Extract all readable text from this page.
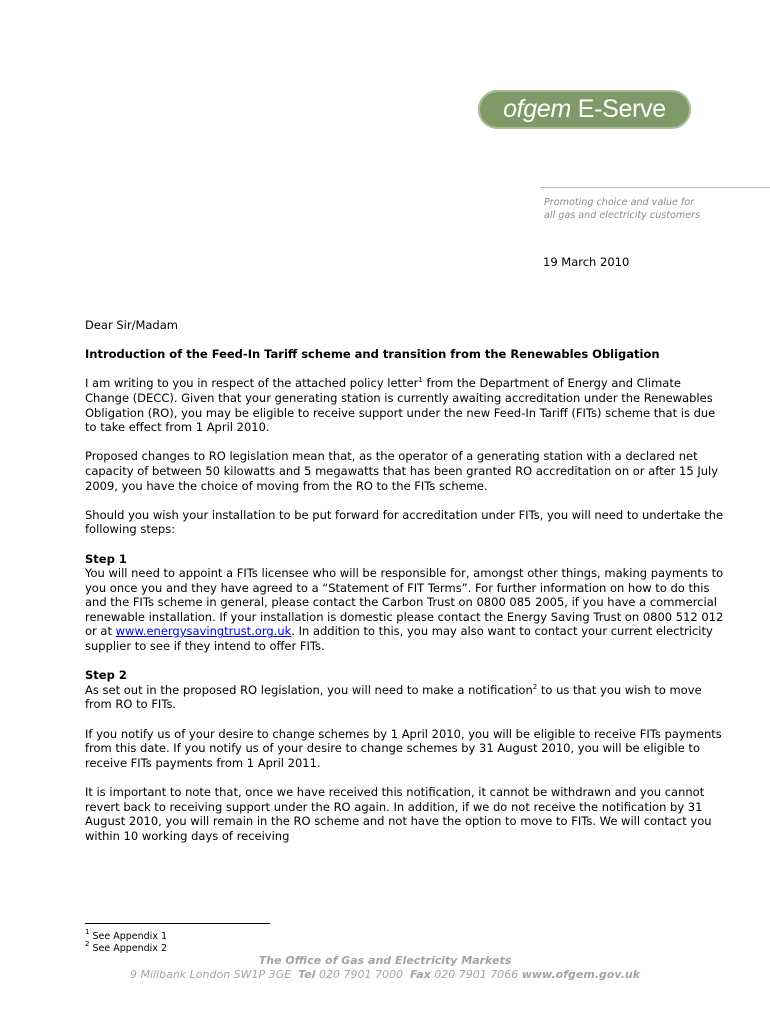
ofgem E-Serve
Promoting choice and value for
all gas and electricity customers
19 March 2010

Dear Sir/Madam

Introduction of the Feed-In Tariff scheme and transition from the Renewables Obligation

I am writing to you in respect of the attached policy letter$^1$ from the Department of Energy and Climate Change (DECC). Given that your generating station is currently awaiting accreditation under the Renewables Obligation (RO), you may be eligible to receive support under the new Feed-In Tariff (FITs) scheme that is due to take effect from 1 April 2010.

Proposed changes to RO legislation mean that, as the operator of a generating station with a declared net capacity of between 50 kilowatts and 5 megawatts that has been granted RO accreditation on or after 15 July 2009, you have the choice of moving from the RO to the FITs scheme.

Should you wish your installation to be put forward for accreditation under FITs, you will need to undertake the following steps:

Step 1

You will need to appoint a FITs licensee who will be responsible for, amongst other things, making payments to you once you and they have agreed to a “Statement of FIT Terms”. For further information on how to do this and the FITs scheme in general, please contact the Carbon Trust on 0800 085 2005, if you have a commercial renewable installation. If your installation is domestic please contact the Energy Saving Trust on 0800 512 012 or at www.energysavingtrust.org.uk. In addition to this, you may also want to contact your current electricity supplier to see if they intend to offer FITs.

Step 2

As set out in the proposed RO legislation, you will need to make a notification$^2$ to us that you wish to move from RO to FITs.

If you notify us of your desire to change schemes by 1 April 2010, you will be eligible to receive FITs payments from this date. If you notify us of your desire to change schemes by 31 August 2010, you will be eligible to receive FITs payments from 1 April 2011.

It is important to note that, once we have received this notification, it cannot be withdrawn and you cannot revert back to receiving support under the RO again. In addition, if we do not receive the notification by 31 August 2010, you will remain in the RO scheme and not have the option to move to FITs. We will contact you within 10 working days of receiving

$^1$ See Appendix 1
$^2$ See Appendix 2
The Office of Gas and Electricity Markets
9 Millbank London SW1P 3GE Tel 020 7901 7000 Fax 020 7901 7066 www.ofgem.gov.uk
